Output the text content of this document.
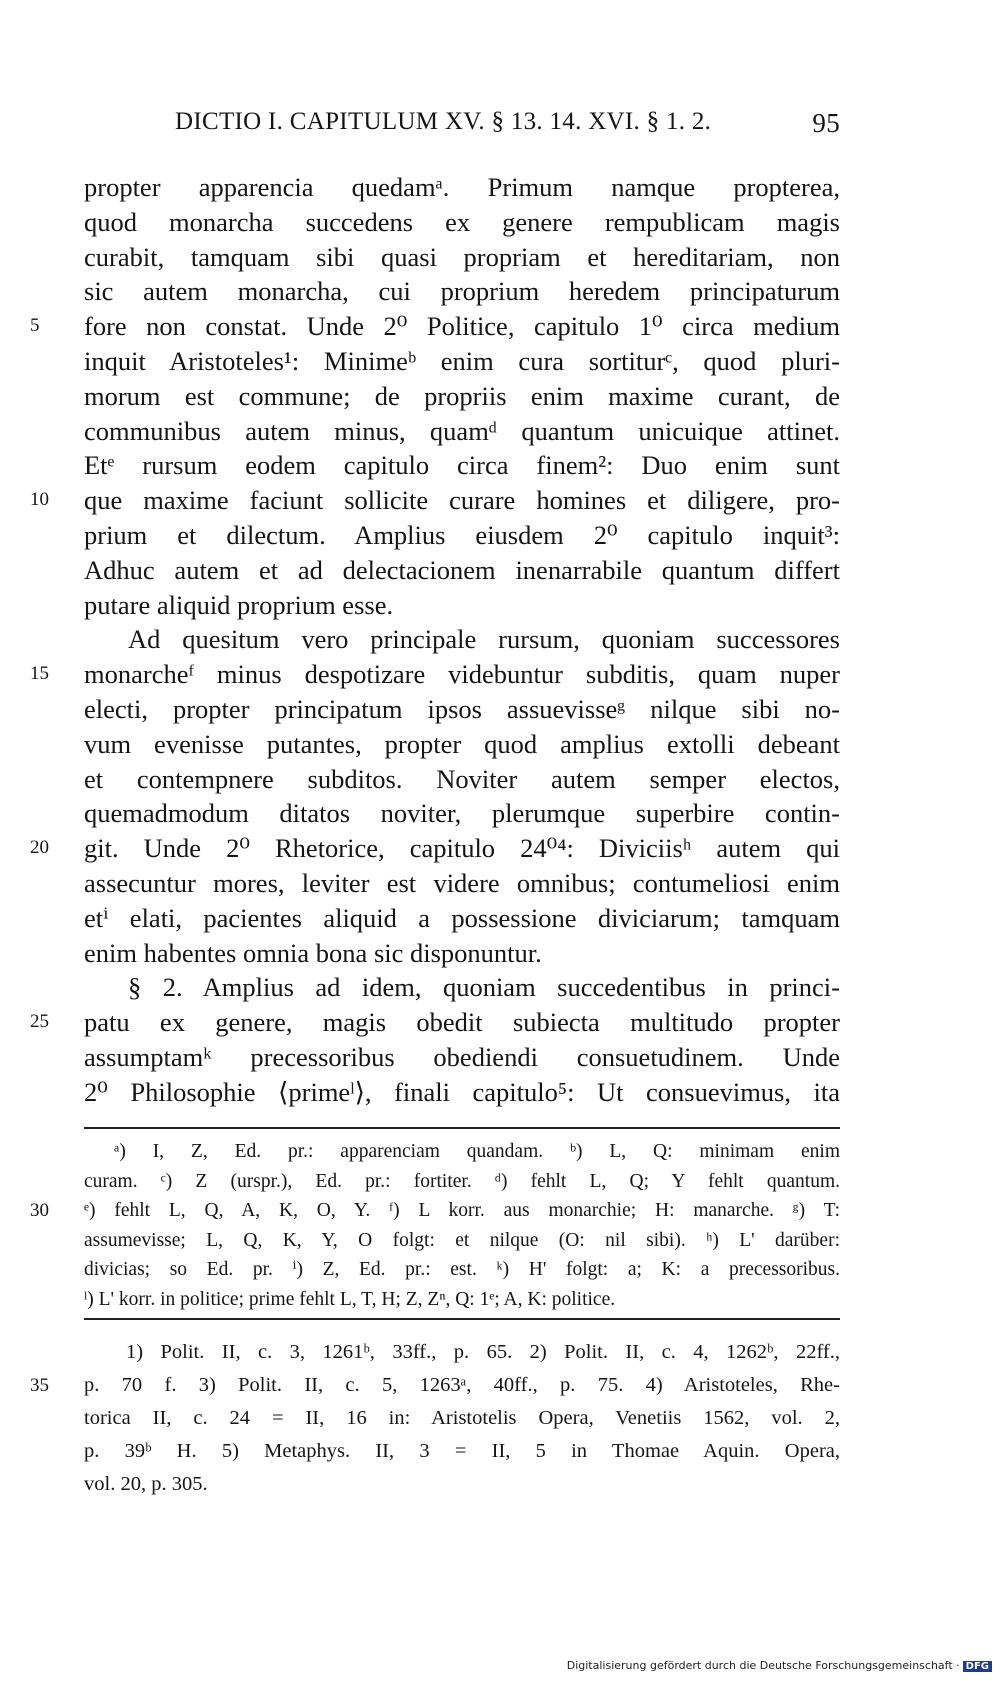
DICTIO I. CAPITULUM XV. § 13. 14. XVI. § 1. 2.	95
propter apparencia quedamᵃ. Primum namque propterea,
quod monarcha succedens ex genere rempublicam magis
curabit, tamquam sibi quasi propriam et hereditariam, non
sic autem monarcha, cui proprium heredem principaturum
5	fore non constat. Unde 2⁰ Politice, capitulo 1⁰ circa medium
inquit Aristoteles¹: Minimeᵇ enim cura sortiturᶜ, quod pluri-
morum est commune; de propriis enim maxime curant, de
communibus autem minus, quamᵈ quantum unicuique attinet.
Etᵉ rursum eodem capitulo circa finem²: Duo enim sunt
10	que maxime faciunt sollicite curare homines et diligere, pro-
prium et dilectum. Amplius eiusdem 2⁰ capitulo inquit³:
Adhuc autem et ad delectacionem inenarrabile quantum differt
putare aliquid proprium esse.
Ad quesitum vero principale rursum, quoniam successores
15	monarcheᶠ minus despotizare videbuntur subditis, quam nuper
electi, propter principatum ipsos assuevisseᵍ nilque sibi no-
vum evenisse putantes, propter quod amplius extolli debeant
et contempnere subditos. Noviter autem semper electos,
quemadmodum ditatos noviter, plerumque superbire contin-
20	git. Unde 2⁰ Rhetorice, capitulo 24⁰⁴: Diviciisʰ autem qui
assecuntur mores, leviter est videre omnibus; contumeliosi enim
etⁱ elati, pacientes aliquid a possessione diviciarum; tamquam
enim habentes omnia bona sic disponuntur.
§ 2. Amplius ad idem, quoniam succedentibus in princi-
25	patu ex genere, magis obedit subiecta multitudo propter
assumptamᵏ precessoribus obediendi consuetudinem. Unde
2⁰ Philosophie ⟨primeˡ⟩, finali capitulo⁵: Ut consuevimus, ita
ᵃ) I, Z, Ed. pr.: apparenciam quandam. ᵇ) L, Q: minimam enim
curam. ᶜ) Z (urspr.), Ed. pr.: fortiter. ᵈ) fehlt L, Q; Y fehlt quantum.
30	ᵉ) fehlt L, Q, A, K, O, Y. ᶠ) L korr. aus monarchie; H: manarche. ᵍ) T:
assumevisse; L, Q, K, Y, O folgt: et nilque (O: nil sibi). ʰ) L' darüber:
divicias; so Ed. pr. ⁱ) Z, Ed. pr.: est. ᵏ) H' folgt: a; K: a precessoribus.
ˡ) L' korr. in politice; prime fehlt L, T, H; Z, Zⁿ, Q: 1ᵉ; A, K: politice.
1) Polit. II, c. 3, 1261ᵇ, 33ff., p. 65. 2) Polit. II, c. 4, 1262ᵇ, 22ff.,
35	p. 70 f. 3) Polit. II, c. 5, 1263ᵃ, 40ff., p. 75. 4) Aristoteles, Rhe-
torica II, c. 24 = II, 16 in: Aristotelis Opera, Venetiis 1562, vol. 2,
p. 39ᵇ H. 5) Metaphys. II, 3 = II, 5 in Thomae Aquin. Opera,
vol. 20, p. 305.
Digitalisierung gefördert durch die Deutsche Forschungsgemeinschaft · DFG
